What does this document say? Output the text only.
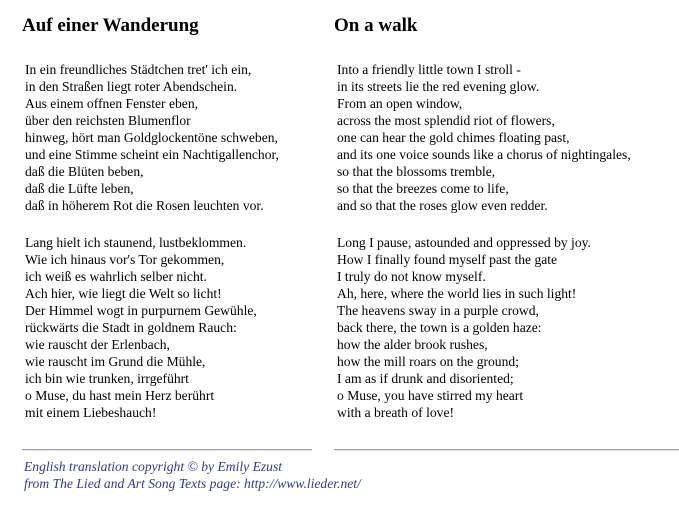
Auf einer Wanderung
In ein freundliches Städtchen tret' ich ein,
in den Straßen liegt roter Abendschein.
Aus einem offnen Fenster eben,
über den reichsten Blumenflor
hinweg, hört man Goldglockentöne schweben,
und eine Stimme scheint ein Nachtigallenchor,
daß die Blüten beben,
daß die Lüfte leben,
daß in höherem Rot die Rosen leuchten vor.
Lang hielt ich staunend, lustbeklommen.
Wie ich hinaus vor's Tor gekommen,
ich weiß es wahrlich selber nicht.
Ach hier, wie liegt die Welt so licht!
Der Himmel wogt in purpurnem Gewühle,
rückwärts die Stadt in goldnem Rauch:
wie rauscht der Erlenbach,
wie rauscht im Grund die Mühle,
ich bin wie trunken, irrgeführt
o Muse, du hast mein Herz berührt
mit einem Liebeshauch!
On a walk
Into a friendly little town I stroll -
in its streets lie the red evening glow.
From an open window,
across the most splendid riot of flowers,
one can hear the gold chimes floating past,
and its one voice sounds like a chorus of nightingales,
so that the blossoms tremble,
so that the breezes come to life,
and so that the roses glow even redder.
Long I pause, astounded and oppressed by joy.
How I finally found myself past the gate
I truly do not know myself.
Ah, here, where the world lies in such light!
The heavens sway in a purple crowd,
back there, the town is a golden haze:
how the alder brook rushes,
how the mill roars on the ground;
I am as if drunk and disoriented;
o Muse, you have stirred my heart
with a breath of love!
English translation copyright © by Emily Ezust
from The Lied and Art Song Texts page: http://www.lieder.net/
